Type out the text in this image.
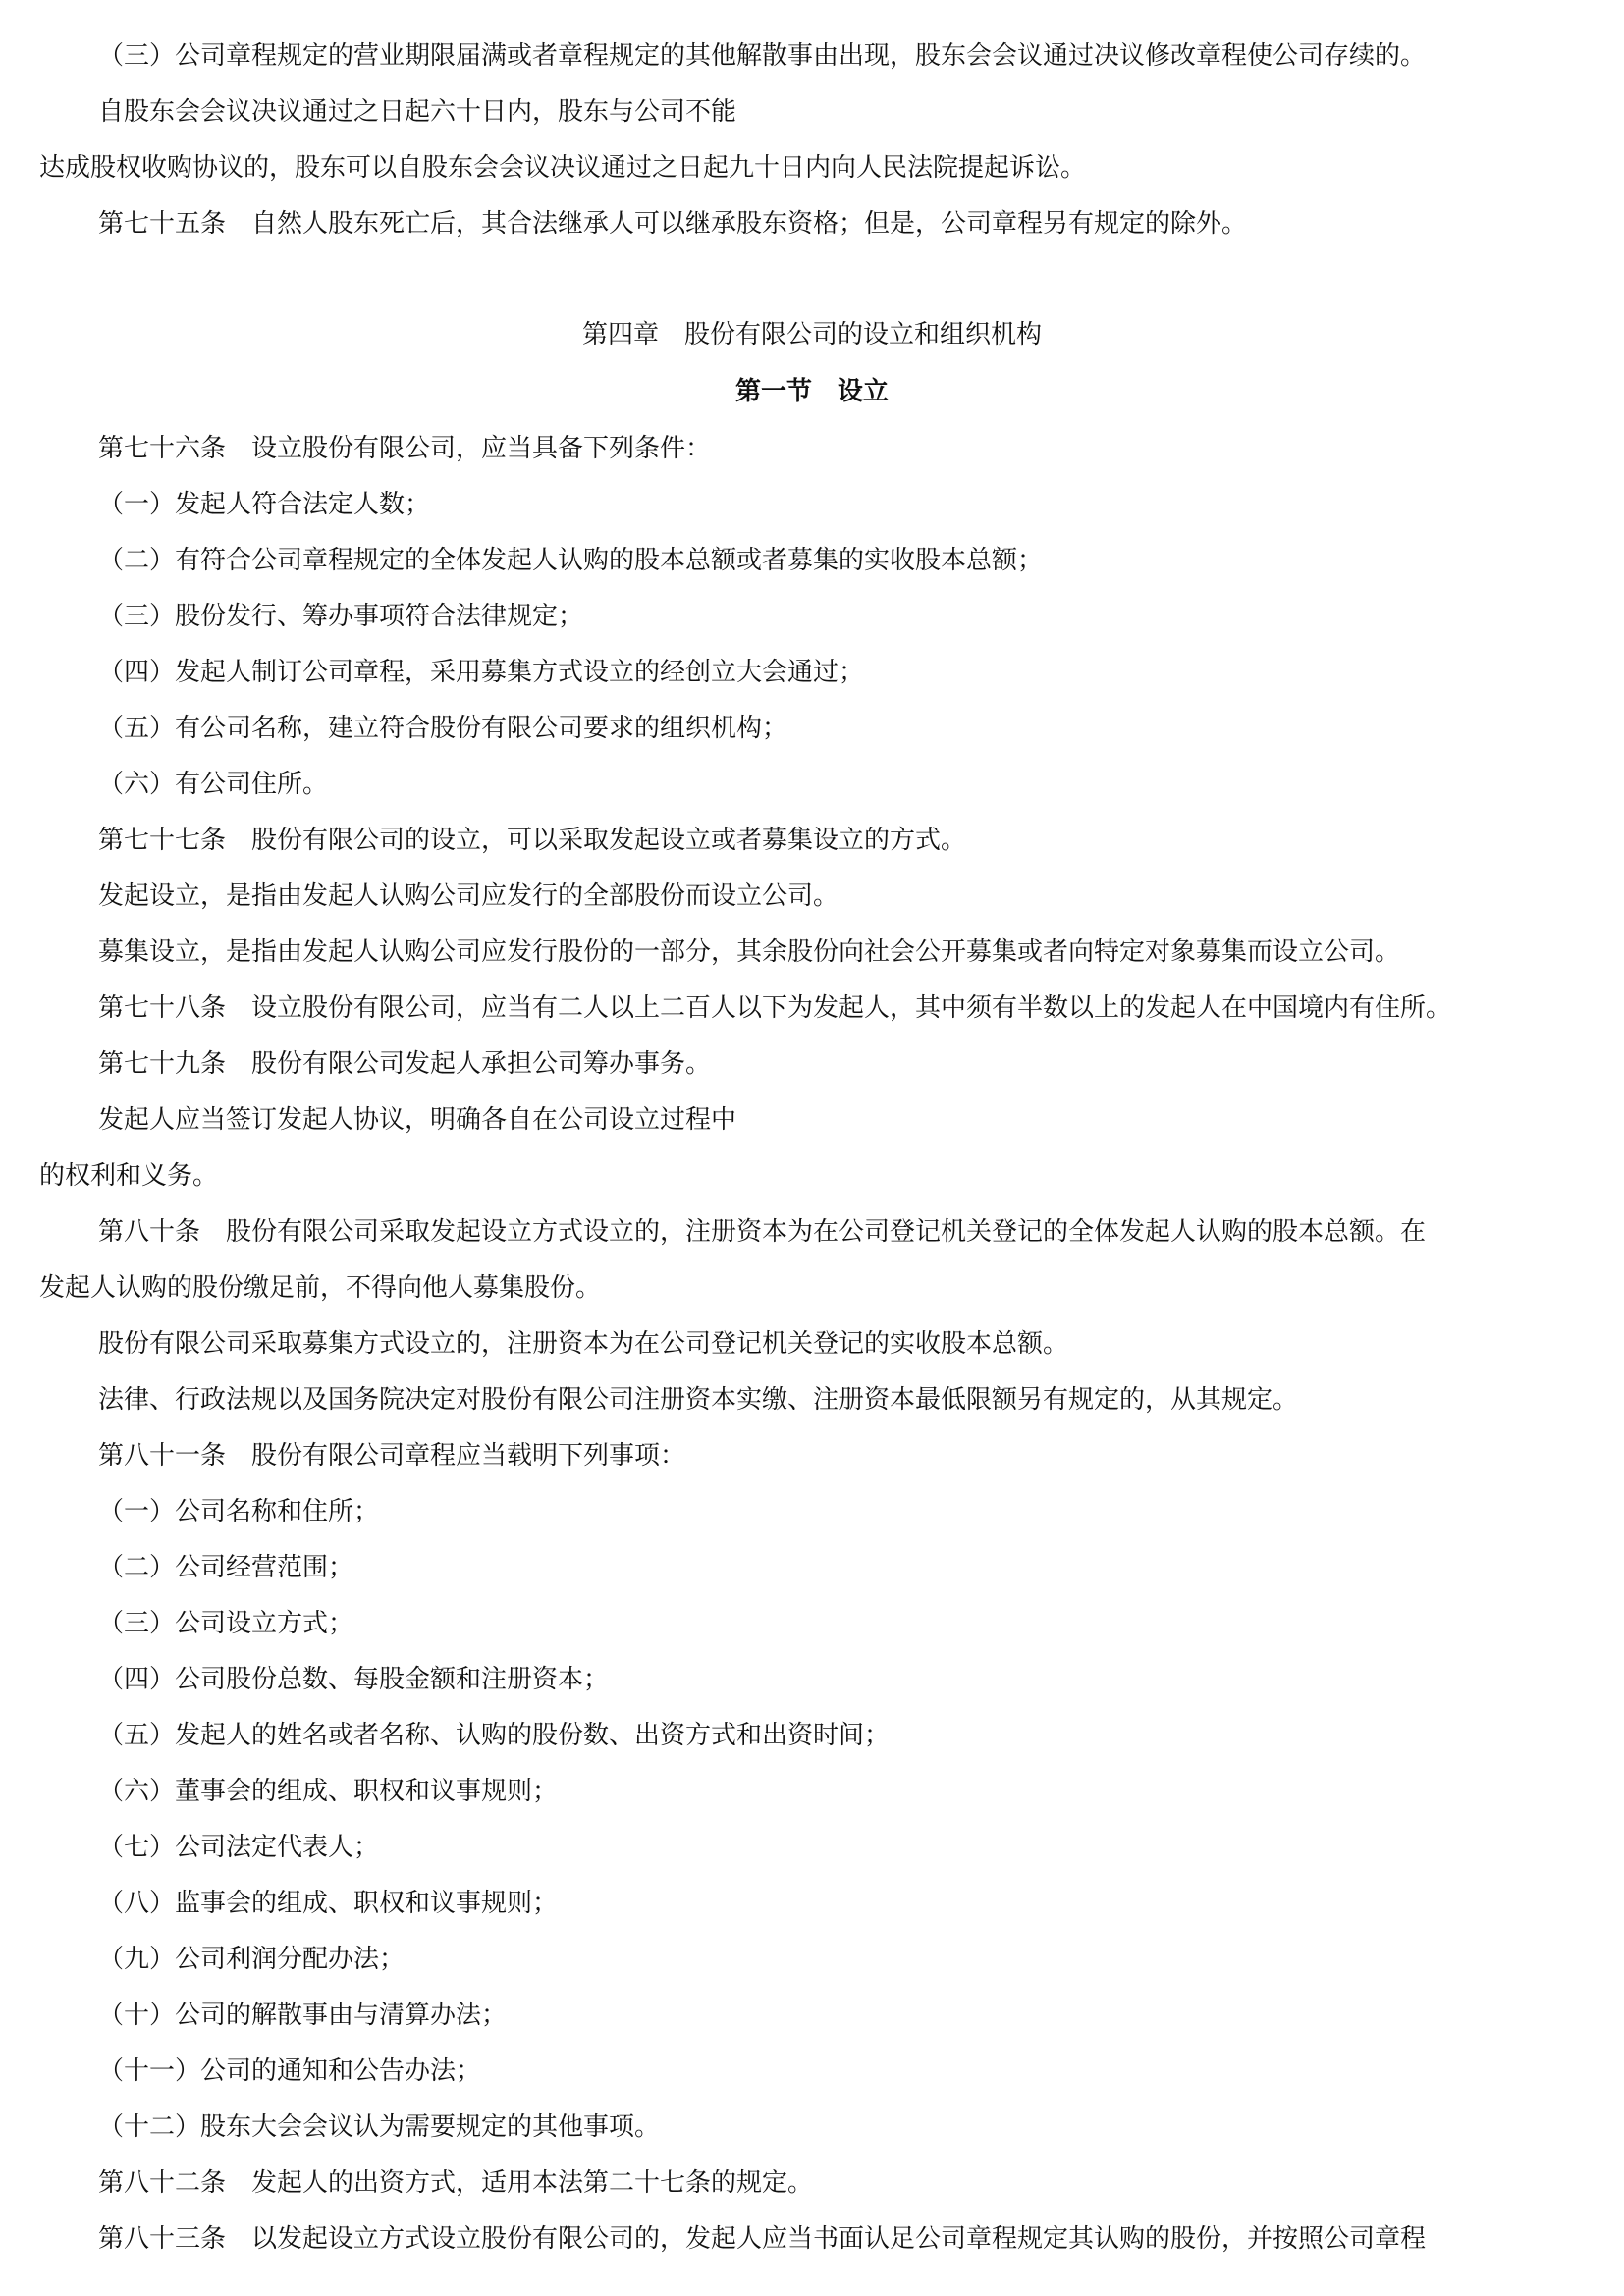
（三）公司章程规定的营业期限届满或者章程规定的其他解散事由出现，股东会会议通过决议修改章程使公司存续的。
自股东会会议决议通过之日起六十日内，股东与公司不能
达成股权收购协议的，股东可以自股东会会议决议通过之日起九十日内向人民法院提起诉讼。
第七十五条　自然人股东死亡后，其合法继承人可以继承股东资格；但是，公司章程另有规定的除外。
第四章　股份有限公司的设立和组织机构
第一节　设立
第七十六条　设立股份有限公司，应当具备下列条件：
（一）发起人符合法定人数；
（二）有符合公司章程规定的全体发起人认购的股本总额或者募集的实收股本总额；
（三）股份发行、筹办事项符合法律规定；
（四）发起人制订公司章程，采用募集方式设立的经创立大会通过；
（五）有公司名称，建立符合股份有限公司要求的组织机构；
（六）有公司住所。
第七十七条　股份有限公司的设立，可以采取发起设立或者募集设立的方式。
发起设立，是指由发起人认购公司应发行的全部股份而设立公司。
募集设立，是指由发起人认购公司应发行股份的一部分，其余股份向社会公开募集或者向特定对象募集而设立公司。
第七十八条　设立股份有限公司，应当有二人以上二百人以下为发起人，其中须有半数以上的发起人在中国境内有住所。
第七十九条　股份有限公司发起人承担公司筹办事务。
发起人应当签订发起人协议，明确各自在公司设立过程中
的权利和义务。
第八十条　股份有限公司采取发起设立方式设立的，注册资本为在公司登记机关登记的全体发起人认购的股本总额。在
发起人认购的股份缴足前，不得向他人募集股份。
股份有限公司采取募集方式设立的，注册资本为在公司登记机关登记的实收股本总额。
法律、行政法规以及国务院决定对股份有限公司注册资本实缴、注册资本最低限额另有规定的，从其规定。
第八十一条　股份有限公司章程应当载明下列事项：
（一）公司名称和住所；
（二）公司经营范围；
（三）公司设立方式；
（四）公司股份总数、每股金额和注册资本；
（五）发起人的姓名或者名称、认购的股份数、出资方式和出资时间；
（六）董事会的组成、职权和议事规则；
（七）公司法定代表人；
（八）监事会的组成、职权和议事规则；
（九）公司利润分配办法；
（十）公司的解散事由与清算办法；
（十一）公司的通知和公告办法；
（十二）股东大会会议认为需要规定的其他事项。
第八十二条　发起人的出资方式，适用本法第二十七条的规定。
第八十三条　以发起设立方式设立股份有限公司的，发起人应当书面认足公司章程规定其认购的股份，并按照公司章程
